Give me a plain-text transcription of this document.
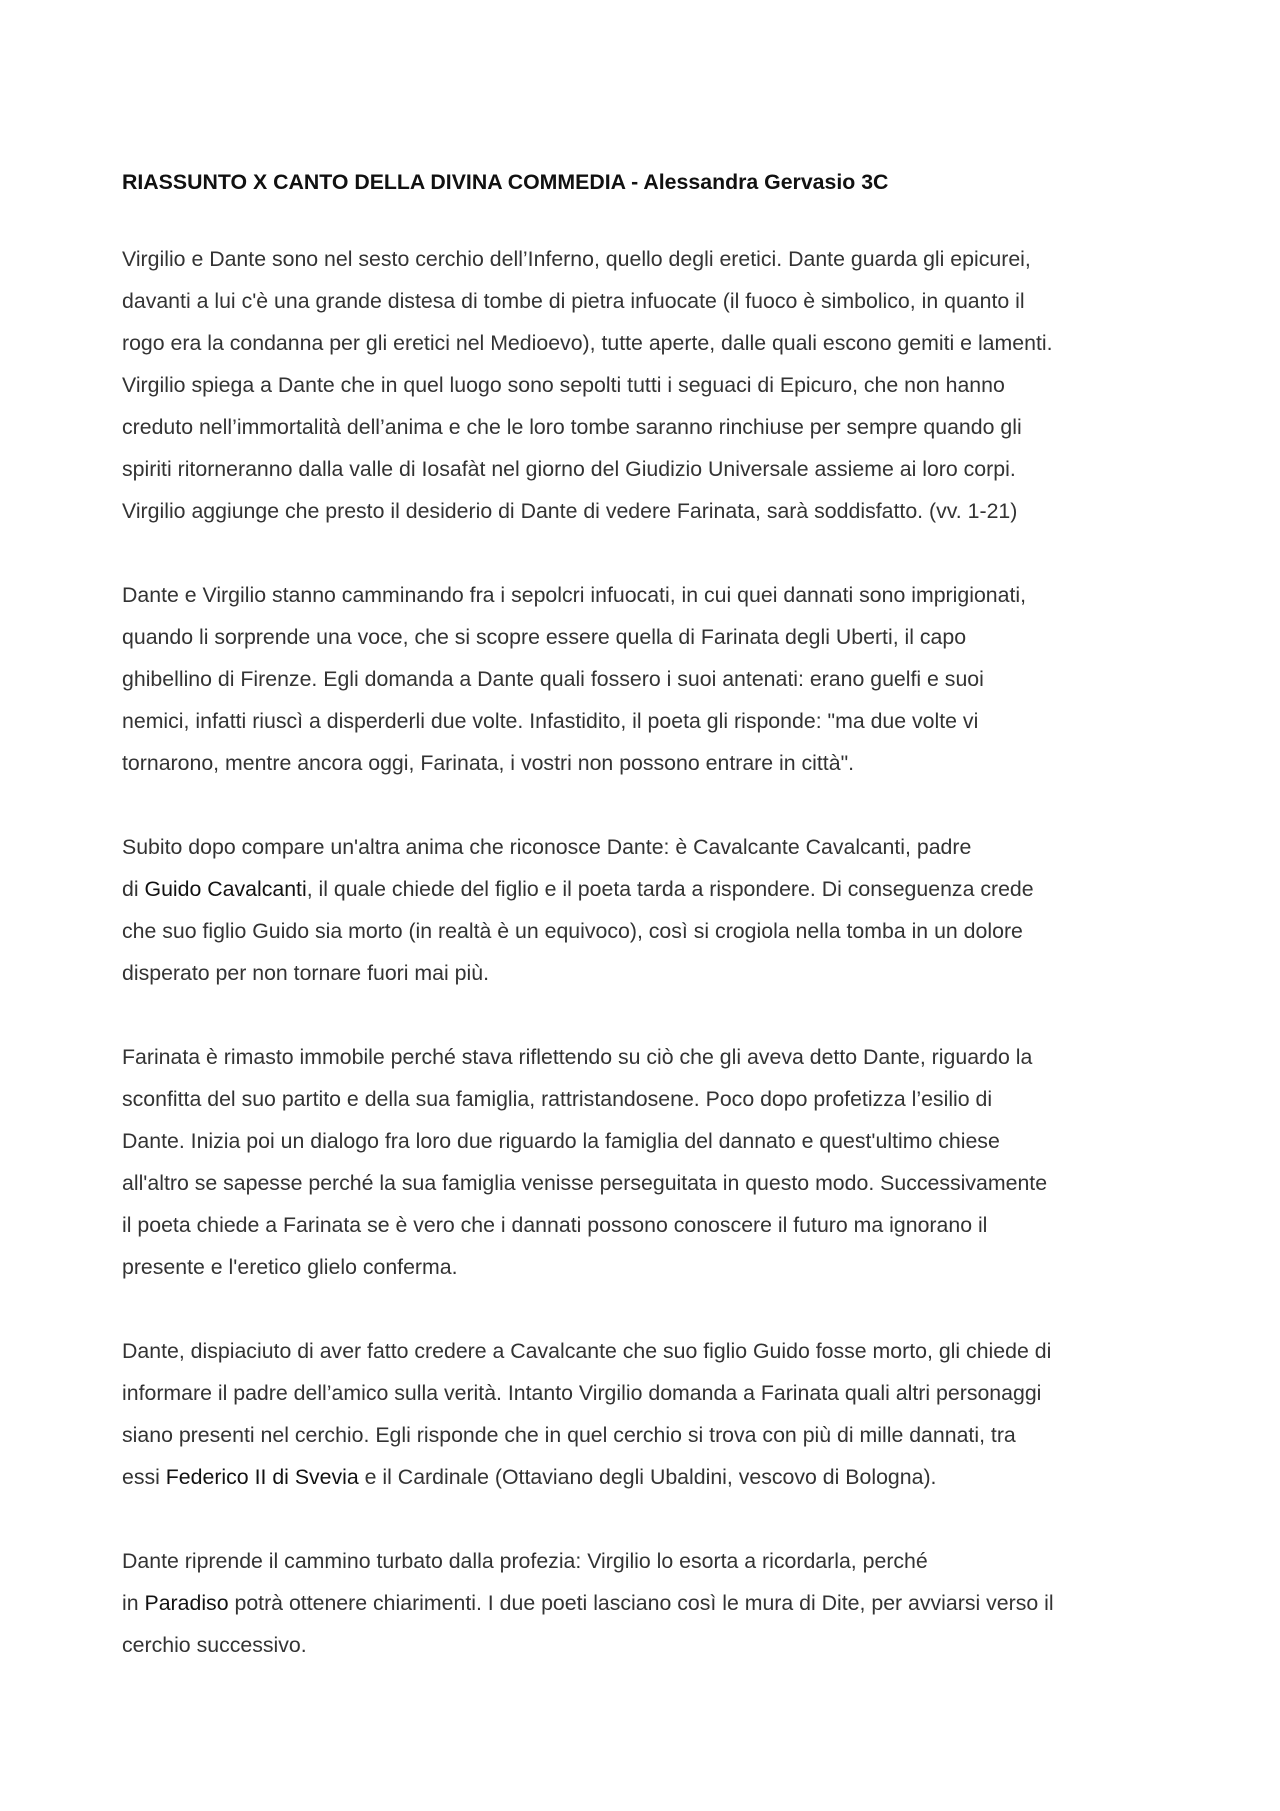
RIASSUNTO X CANTO DELLA DIVINA COMMEDIA - Alessandra Gervasio 3C

Virgilio e Dante sono nel sesto cerchio dell’Inferno, quello degli eretici. Dante guarda gli epicurei,
davanti a lui c'è una grande distesa di tombe di pietra infuocate (il fuoco è simbolico, in quanto il
rogo era la condanna per gli eretici nel Medioevo), tutte aperte, dalle quali escono gemiti e lamenti.
Virgilio spiega a Dante che in quel luogo sono sepolti tutti i seguaci di Epicuro, che non hanno
creduto nell’immortalità dell’anima e che le loro tombe saranno rinchiuse per sempre quando gli
spiriti ritorneranno dalla valle di Iosafàt nel giorno del Giudizio Universale assieme ai loro corpi.
Virgilio aggiunge che presto il desiderio di Dante di vedere Farinata, sarà soddisfatto. (vv. 1-21)

Dante e Virgilio stanno camminando fra i sepolcri infuocati, in cui quei dannati sono imprigionati,
quando li sorprende una voce, che si scopre essere quella di Farinata degli Uberti, il capo
ghibellino di Firenze. Egli domanda a Dante quali fossero i suoi antenati: erano guelfi e suoi
nemici, infatti riuscì a disperderli due volte. Infastidito, il poeta gli risponde: "ma due volte vi
tornarono, mentre ancora oggi, Farinata, i vostri non possono entrare in città".

Subito dopo compare un'altra anima che riconosce Dante: è Cavalcante Cavalcanti, padre
di Guido Cavalcanti, il quale chiede del figlio e il poeta tarda a rispondere. Di conseguenza crede
che suo figlio Guido sia morto (in realtà è un equivoco), così si crogiola nella tomba in un dolore
disperato per non tornare fuori mai più.

Farinata è rimasto immobile perché stava riflettendo su ciò che gli aveva detto Dante, riguardo la
sconfitta del suo partito e della sua famiglia, rattristandosene. Poco dopo profetizza l’esilio di
Dante. Inizia poi un dialogo fra loro due riguardo la famiglia del dannato e quest'ultimo chiese
all'altro se sapesse perché la sua famiglia venisse perseguitata in questo modo. Successivamente
il poeta chiede a Farinata se è vero che i dannati possono conoscere il futuro ma ignorano il
presente e l'eretico glielo conferma.

Dante, dispiaciuto di aver fatto credere a Cavalcante che suo figlio Guido fosse morto, gli chiede di
informare il padre dell’amico sulla verità. Intanto Virgilio domanda a Farinata quali altri personaggi
siano presenti nel cerchio. Egli risponde che in quel cerchio si trova con più di mille dannati, tra
essi Federico II di Svevia e il Cardinale (Ottaviano degli Ubaldini, vescovo di Bologna).

Dante riprende il cammino turbato dalla profezia: Virgilio lo esorta a ricordarla, perché
in Paradiso potrà ottenere chiarimenti. I due poeti lasciano così le mura di Dite, per avviarsi verso il
cerchio successivo.
